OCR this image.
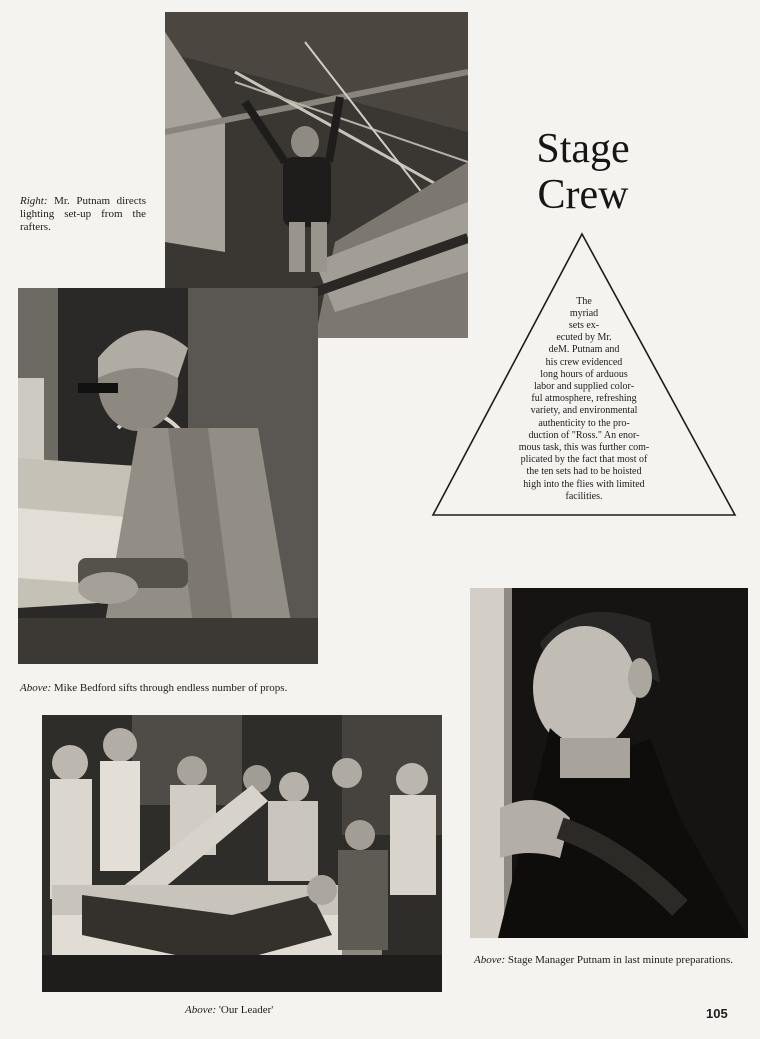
Right: Mr. Putnam directs lighting set-up from the rafters.
Stage
Crew
The
myriad
sets ex-
ecuted by Mr.
deM. Putnam and
his crew evidenced
long hours of arduous
labor and supplied color-
ful atmosphere, refreshing
variety, and environmental
authenticity to the pro-
duction of "Ross." An enor-
mous task, this was further com-
plicated by the fact that most of
the ten sets had to be hoisted
high into the flies with limited
facilities.
Above: Mike Bedford sifts through endless number of props.
Above: Stage Manager Putnam in last minute preparations.
Above: 'Our Leader'	105
